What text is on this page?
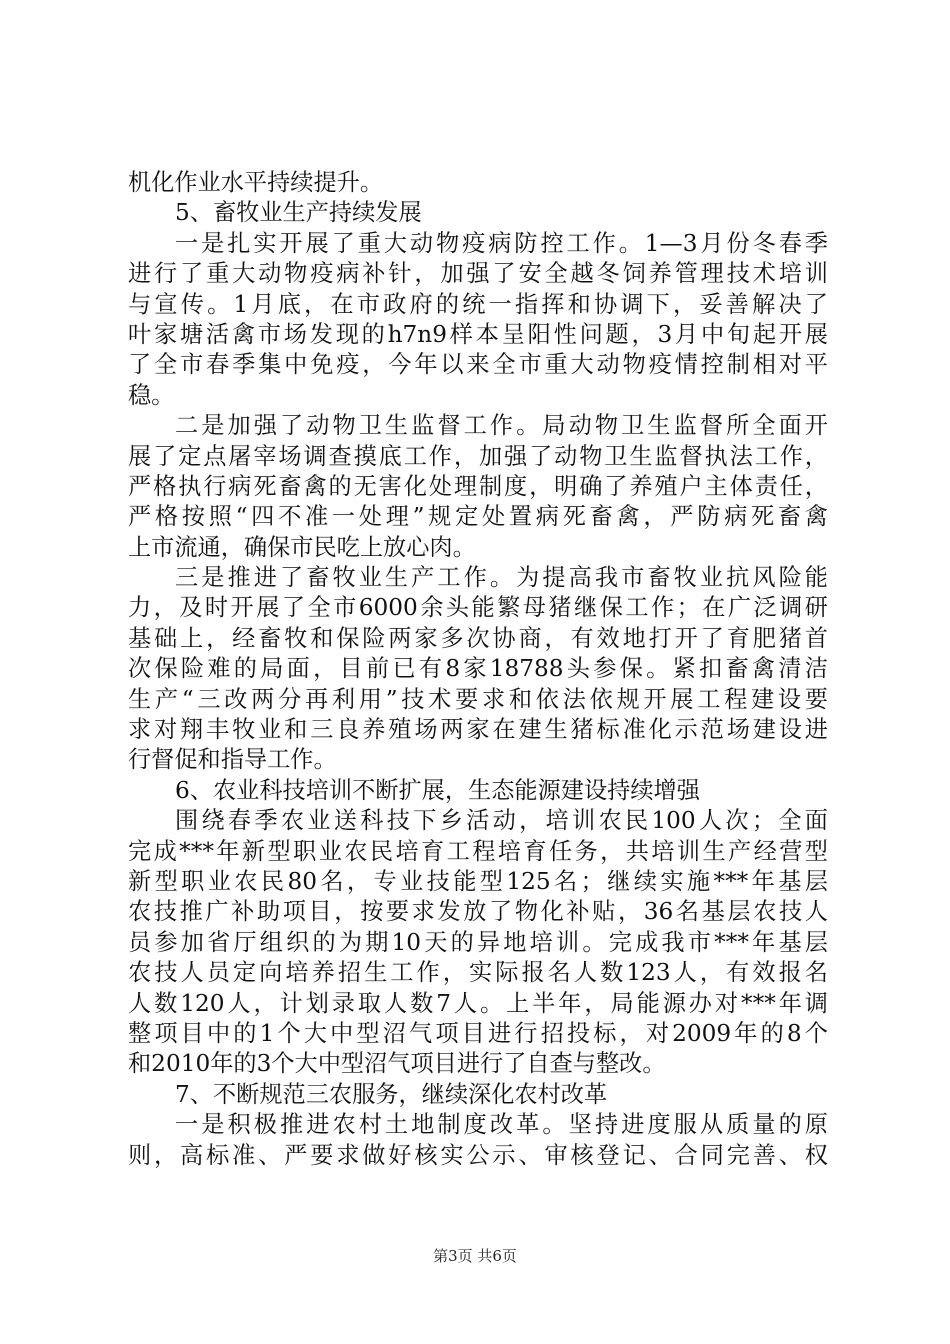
机化作业水平持续提升。
5、畜牧业生产持续发展
一是扎实开展了重大动物疫病防控工作。1—3月份冬春季
进行了重大动物疫病补针，加强了安全越冬饲养管理技术培训
与宣传。1月底，在市政府的统一指挥和协调下，妥善解决了
叶家塘活禽市场发现的h7n9样本呈阳性问题，3月中旬起开展
了全市春季集中免疫，今年以来全市重大动物疫情控制相对平
稳。
二是加强了动物卫生监督工作。局动物卫生监督所全面开
展了定点屠宰场调查摸底工作，加强了动物卫生监督执法工作，
严格执行病死畜禽的无害化处理制度，明确了养殖户主体责任，
严格按照“四不准一处理”规定处置病死畜禽，严防病死畜禽
上市流通，确保市民吃上放心肉。
三是推进了畜牧业生产工作。为提高我市畜牧业抗风险能
力，及时开展了全市6000余头能繁母猪继保工作；在广泛调研
基础上，经畜牧和保险两家多次协商，有效地打开了育肥猪首
次保险难的局面，目前已有8家18788头参保。紧扣畜禽清洁
生产“三改两分再利用”技术要求和依法依规开展工程建设要
求对翔丰牧业和三良养殖场两家在建生猪标准化示范场建设进
行督促和指导工作。
6、农业科技培训不断扩展，生态能源建设持续增强
围绕春季农业送科技下乡活动，培训农民100人次；全面
完成***年新型职业农民培育工程培育任务，共培训生产经营型
新型职业农民80名，专业技能型125名；继续实施***年基层
农技推广补助项目，按要求发放了物化补贴，36名基层农技人
员参加省厅组织的为期10天的异地培训。完成我市***年基层
农技人员定向培养招生工作，实际报名人数123人，有效报名
人数120人，计划录取人数7人。上半年，局能源办对***年调
整项目中的1个大中型沼气项目进行招投标，对2009年的8个
和2010年的3个大中型沼气项目进行了自查与整改。
7、不断规范三农服务，继续深化农村改革
一是积极推进农村土地制度改革。坚持进度服从质量的原
则，高标准、严要求做好核实公示、审核登记、合同完善、权
第3页 共6页
